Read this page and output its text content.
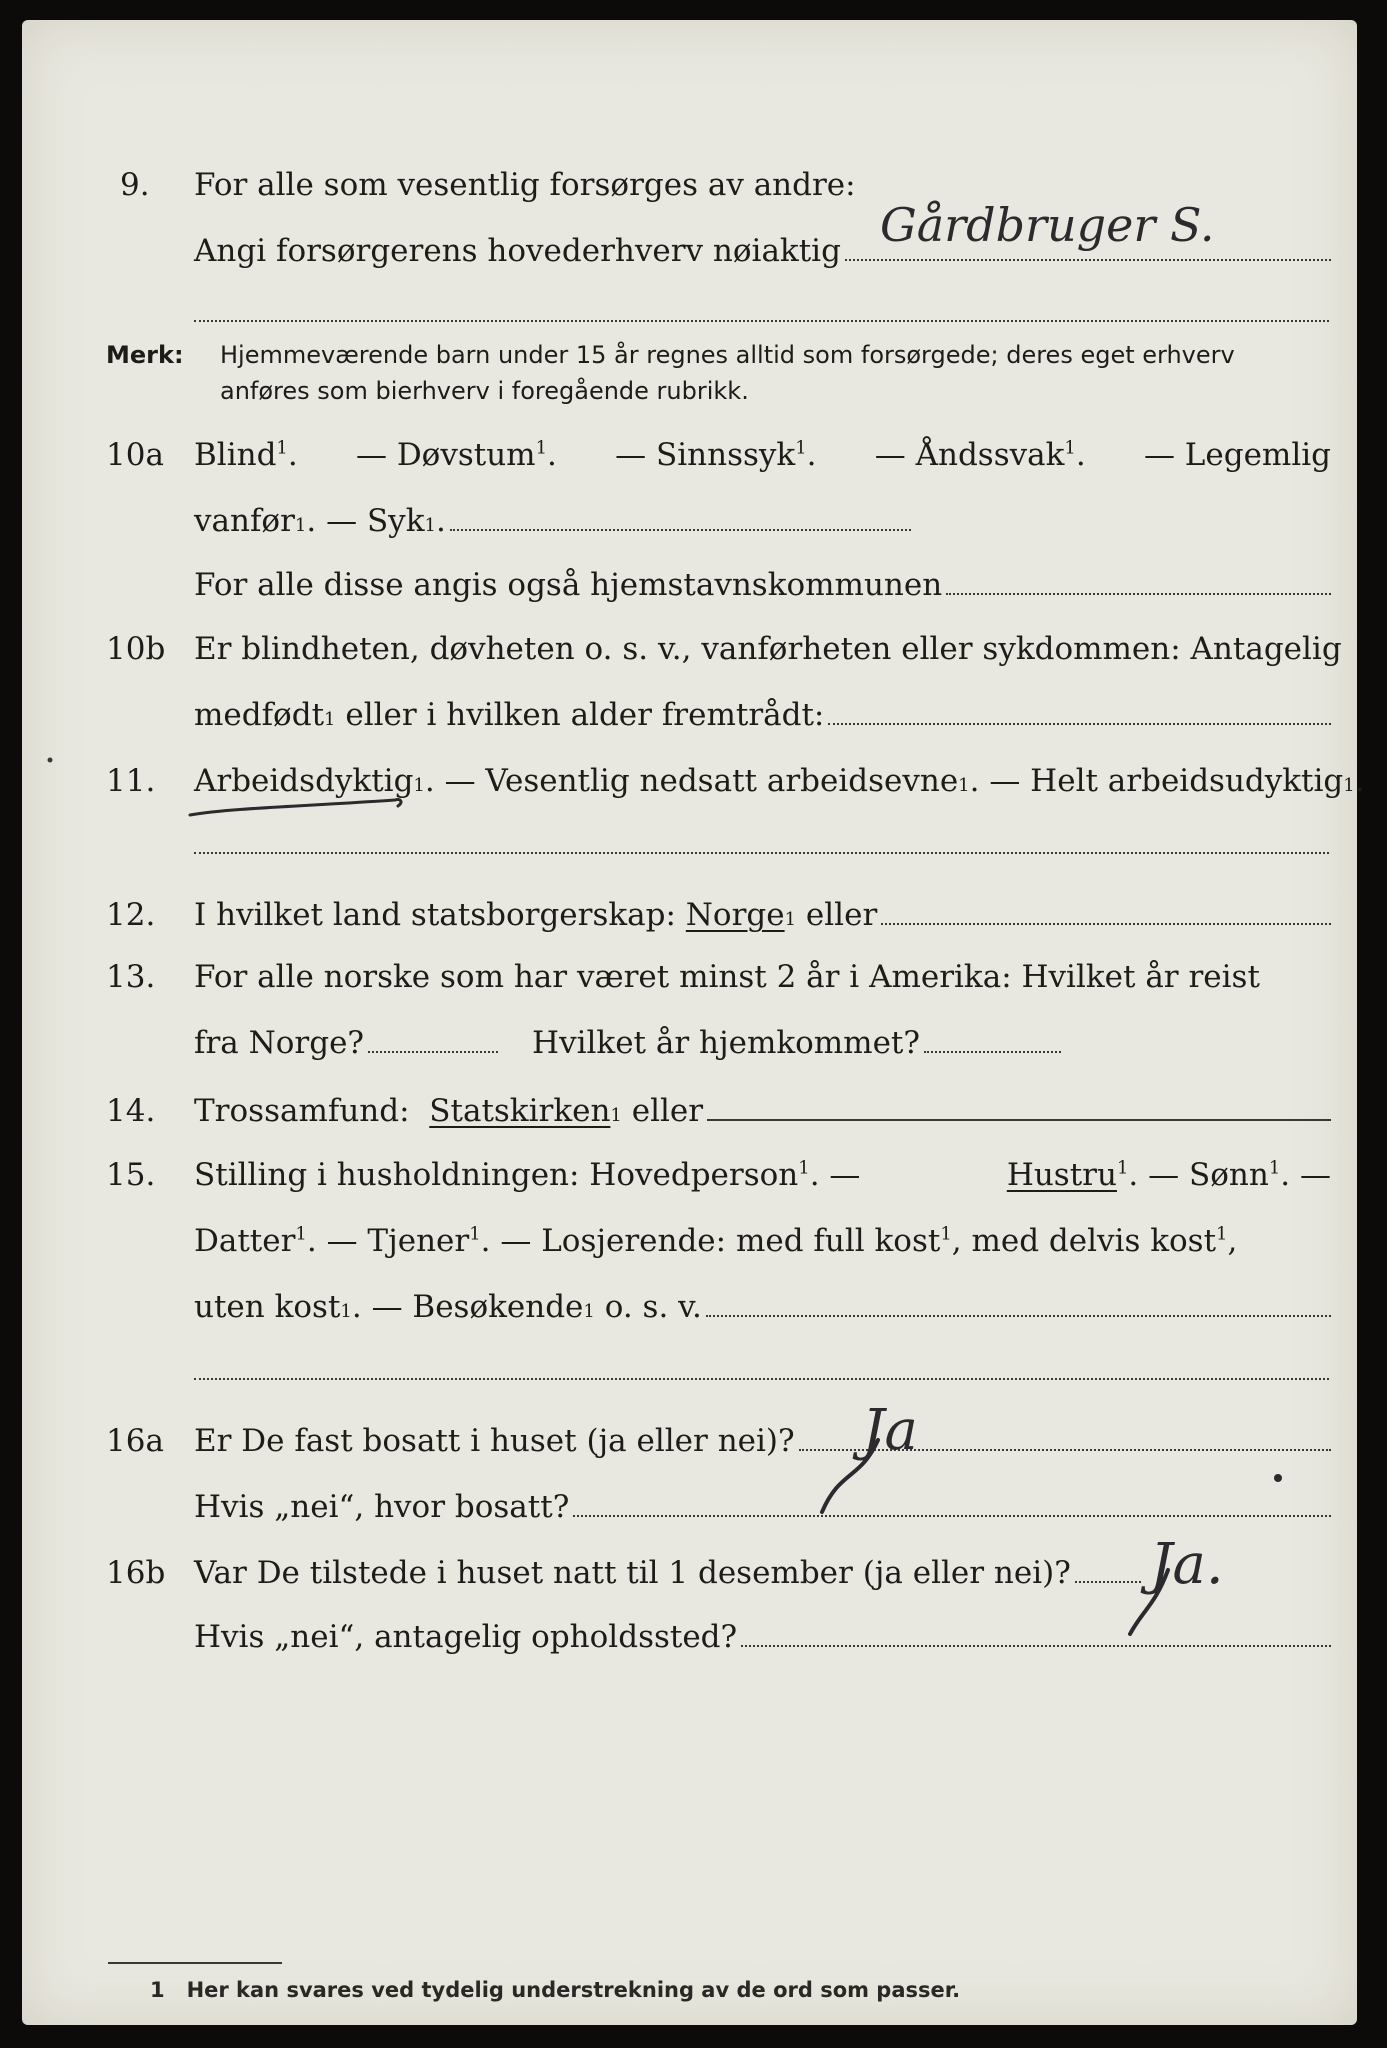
9. For alle som vesentlig forsørges av andre:
Angi forsørgerens hovederhverv nøiaktig Gårdbruger S.
Merk: Hjemmeværende barn under 15 år regnes alltid som forsørgede; deres eget erhverv
anføres som bierhverv i foregående rubrikk.
10a Blind$^1$. — Døvstum$^1$. — Sinnssyk$^1$. — Åndssvak$^1$. — Legemlig
vanfør 1 . — Syk 1 .
For alle disse angis også hjemstavnskommunen
10b Er blindheten, døvheten o. s. v., vanførheten eller sykdommen: Antagelig
medfødt 1
eller i hvilken alder fremtrådt:
11. Arbeidsdyktig 1 . — Vesentlig nedsatt arbeidsevne 1 . — Helt arbeidsudyktig 1 .
12. I hvilket land statsborgerskap:
Norge 1
eller
13. For alle norske som har været minst 2 år i Amerika: Hvilket år reist
fra Norge?	Hvilket år hjemkommet?
14. Trossamfund:
Statskirken 1
eller
15. Stilling i husholdningen: Hovedperson$^1$. —	Hustru$^1$. — Sønn$^1$. —
Datter$^1$. — Tjener$^1$. — Losjerende: med full kost$^1$, med delvis kost$^1$,
uten kost 1 . — Besøkende 1
o. s. v.
16a Er De fast bosatt i huset (ja eller nei)?
Hvis „nei“, hvor bosatt?
Ja
16b Var De tilstede i huset natt til 1 desember (ja eller nei)?
Hvis „nei“, antagelig opholdssted?
Ja.
1 Her kan svares ved tydelig understrekning av de ord som passer.
